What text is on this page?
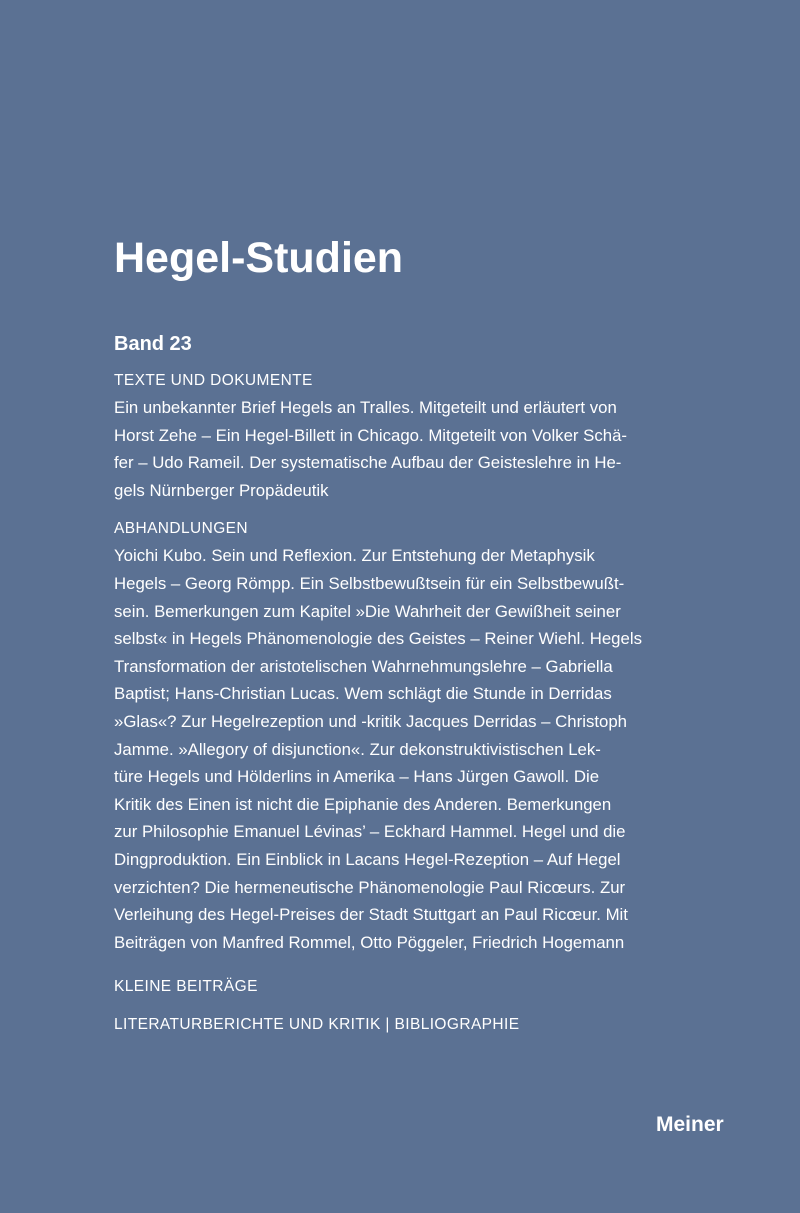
Hegel-Studien
Band 23
TEXTE UND DOKUMENTE
Ein unbekannter Brief Hegels an Tralles. Mitgeteilt und erläutert von
Horst Zehe – Ein Hegel-Billett in Chicago. Mitgeteilt von Volker Schä-
fer – Udo Rameil. Der systematische Aufbau der Geisteslehre in He-
gels Nürnberger Propädeutik
ABHANDLUNGEN
Yoichi Kubo. Sein und Reflexion. Zur Entstehung der Metaphysik
Hegels – Georg Römpp. Ein Selbstbewußtsein für ein Selbstbewußt-
sein. Bemerkungen zum Kapitel »Die Wahrheit der Gewißheit seiner
selbst« in Hegels Phänomenologie des Geistes – Reiner Wiehl. Hegels
Transformation der aristotelischen Wahrnehmungslehre – Gabriella
Baptist; Hans-Christian Lucas. Wem schlägt die Stunde in Derridas
»Glas«? Zur Hegelrezeption und -kritik Jacques Derridas – Christoph
Jamme. »Allegory of disjunction«. Zur dekonstruktivistischen Lek-
türe Hegels und Hölderlins in Amerika – Hans Jürgen Gawoll. Die
Kritik des Einen ist nicht die Epiphanie des Anderen. Bemerkungen
zur Philosophie Emanuel Lévinas’ – Eckhard Hammel. Hegel und die
Dingproduktion. Ein Einblick in Lacans Hegel-Rezeption – Auf Hegel
verzichten? Die hermeneutische Phänomenologie Paul Ricœurs. Zur
Verleihung des Hegel-Preises der Stadt Stuttgart an Paul Ricœur. Mit
Beiträgen von Manfred Rommel, Otto Pöggeler, Friedrich Hogemann
KLEINE BEITRÄGE
LITERATURBERICHTE UND KRITIK | BIBLIOGRAPHIE
Meiner
